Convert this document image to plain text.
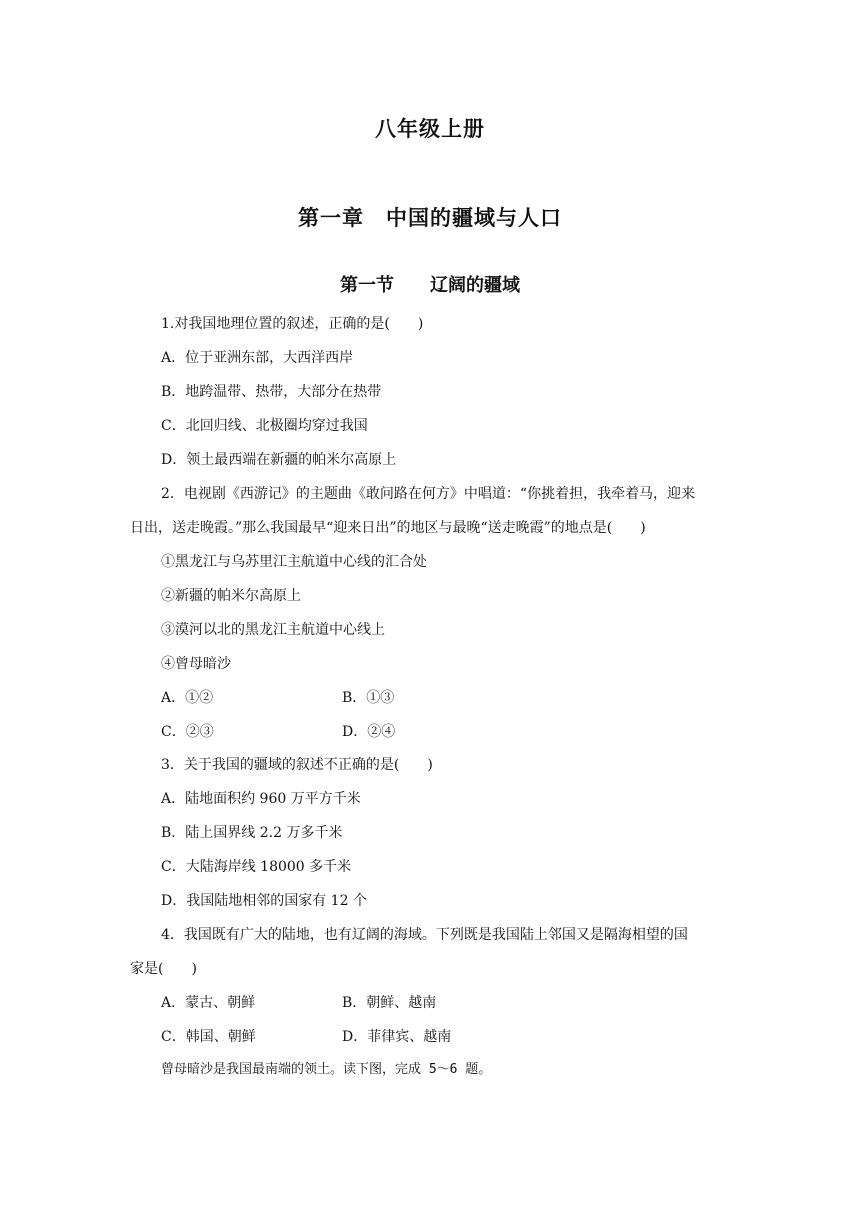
八年级上册
第一章　中国的疆域与人口
第一节　　辽阔的疆域
1.对我国地理位置的叙述，正确的是(　　)
A．位于亚洲东部，大西洋西岸
B．地跨温带、热带，大部分在热带
C．北回归线、北极圈均穿过我国
D．领土最西端在新疆的帕米尔高原上
2．电视剧《西游记》的主题曲《敢问路在何方》中唱道：“你挑着担，我牵着马，迎来
日出，送走晚霞。”那么我国最早“迎来日出”的地区与最晚“送走晚霞”的地点是(　　)
①黑龙江与乌苏里江主航道中心线的汇合处
②新疆的帕米尔高原上
③漠河以北的黑龙江主航道中心线上
④曾母暗沙
A．①②	B．①③
C．②③	D．②④
3．关于我国的疆域的叙述不正确的是(　　)
A．陆地面积约 960 万平方千米
B．陆上国界线 2.2 万多千米
C．大陆海岸线 18000 多千米
D．我国陆地相邻的国家有 12 个
4．我国既有广大的陆地，也有辽阔的海域。下列既是我国陆上邻国又是隔海相望的国
家是(　　)
A．蒙古、朝鲜	B．朝鲜、越南
C．韩国、朝鲜	D．菲律宾、越南
曾母暗沙是我国最南端的领土。读下图，完成 5～6 题。
